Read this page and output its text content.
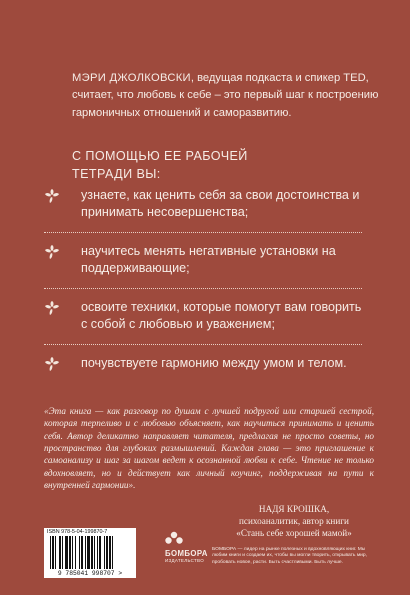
МЭРИ ДЖОЛКОВСКИ, ведущая подкаста и спикер TED, считает, что любовь к себе – это первый шаг к построению гармоничных отношений и саморазвитию.
С ПОМОЩЬЮ ЕЕ РАБОЧЕЙ ТЕТРАДИ ВЫ:
узнаете, как ценить себя за свои достоинства и принимать несовершенства;
научитесь менять негативные установки на поддерживающие;
освоите техники, которые помогут вам говорить с собой с любовью и уважением;
почувствуете гармонию между умом и телом.
«Эта книга — как разговор по душам с лучшей подругой или старшей сестрой, которая терпеливо и с любовью объясняет, как научиться принимать и ценить себя. Автор деликатно направляет читателя, предлагая не просто советы, но пространство для глубоких размышлений. Каждая глава — это приглашение к самоанализу и шаг за шагом ведет к осознанной любви к себе. Чтение не только вдохновляет, но и действует как личный коучинг, поддерживая на пути к внутренней гармонии».
НАДЯ КРОШКА,
психоаналитик, автор книги
«Стань себе хорошей мамой»
ISBN 978-5-04-199870-7
9 785041 998707 >
БОМБОРА
ИЗДАТЕЛЬСТВО
БОМБОРА — лидер на рынке полезных и вдохновляющих книг. Мы любим книги и создаем их, чтобы вы могли творить, открывать мир, пробовать новое, расти. Быть счастливыми. Быть лучше.
